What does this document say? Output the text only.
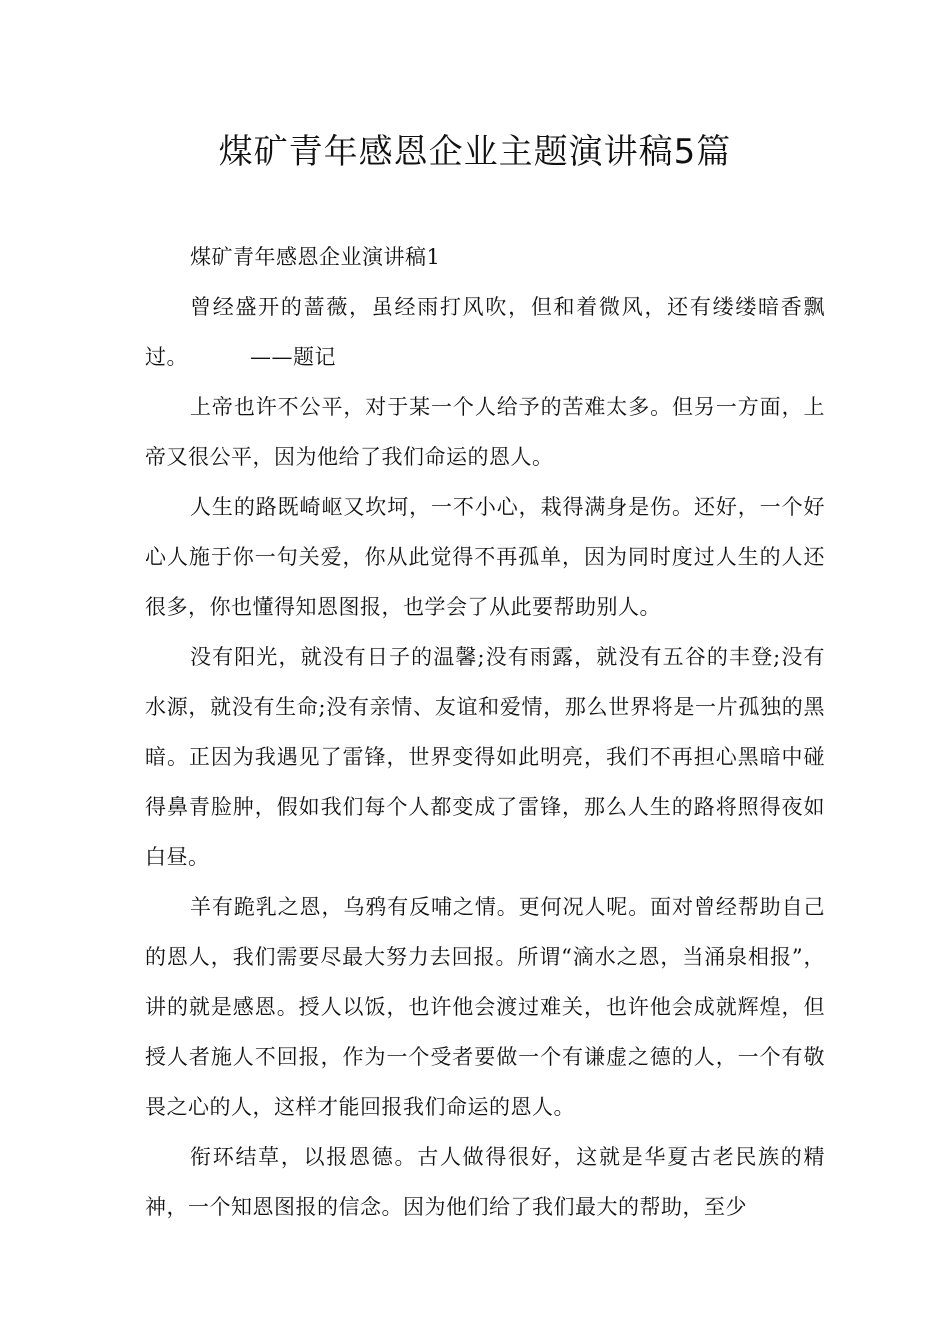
煤矿青年感恩企业主题演讲稿5篇

煤矿青年感恩企业演讲稿1

曾经盛开的蔷薇，虽经雨打风吹，但和着微风，还有缕缕暗香飘过。	——题记

上帝也许不公平，对于某一个人给予的苦难太多。但另一方面，上帝又很公平，因为他给了我们命运的恩人。

人生的路既崎岖又坎坷，一不小心，栽得满身是伤。还好，一个好心人施于你一句关爱，你从此觉得不再孤单，因为同时度过人生的人还很多，你也懂得知恩图报，也学会了从此要帮助别人。

没有阳光，就没有日子的温馨;没有雨露，就没有五谷的丰登;没有水源，就没有生命;没有亲情、友谊和爱情，那么世界将是一片孤独的黑暗。正因为我遇见了雷锋，世界变得如此明亮，我们不再担心黑暗中碰得鼻青脸肿，假如我们每个人都变成了雷锋，那么人生的路将照得夜如白昼。

羊有跪乳之恩，乌鸦有反哺之情。更何况人呢。面对曾经帮助自己的恩人，我们需要尽最大努力去回报。所谓“滴水之恩，当涌泉相报”，讲的就是感恩。授人以饭，也许他会渡过难关，也许他会成就辉煌，但授人者施人不回报，作为一个受者要做一个有谦虚之德的人，一个有敬畏之心的人，这样才能回报我们命运的恩人。

衔环结草，以报恩德。古人做得很好，这就是华夏古老民族的精神，一个知恩图报的信念。因为他们给了我们最大的帮助，至少
